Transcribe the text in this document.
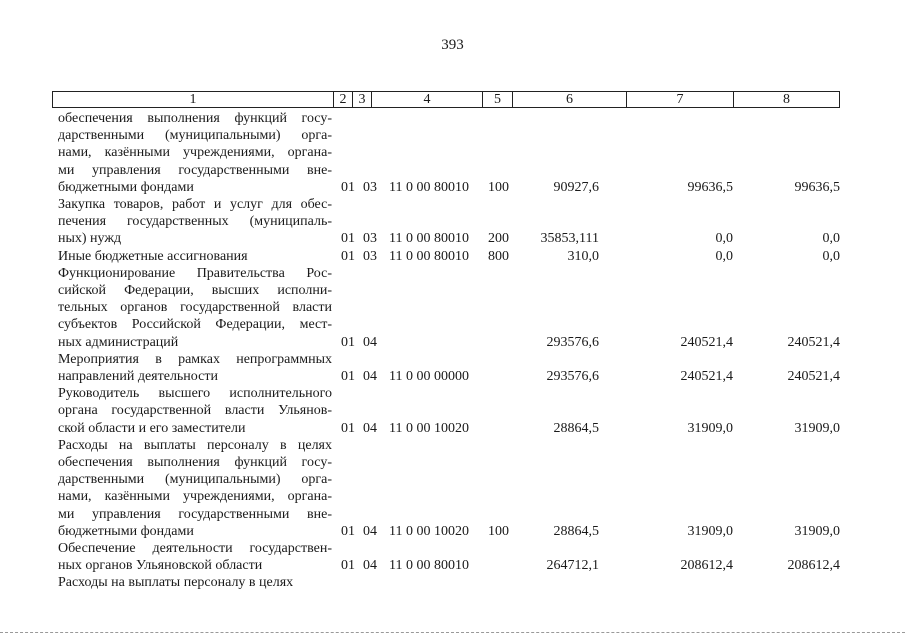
393
1	2 3	4	5	6	7	8
обеспечения выполнения функций госу-
дарственными (муниципальными) орга-
нами, казёнными учреждениями, органа-
ми управления государственными вне-
бюджетными фондами	01 03 11 0 00 80010 100	90927,6	99636,5	99636,5
Закупка товаров, работ и услуг для обес-
печения государственных (муниципаль-
ных) нужд	01 03 11 0 00 80010 200 35853,111	0,0	0,0
Иные бюджетные ассигнования	01 03 11 0 00 80010 800	310,0	0,0	0,0
Функционирование Правительства Рос-
сийской Федерации, высших исполни-
тельных органов государственной власти
субъектов Российской Федерации, мест-
ных администраций	01 04	293576,6	240521,4	240521,4
Мероприятия в рамках непрограммных
направлений деятельности	01 04 11 0 00 00000	293576,6	240521,4	240521,4
Руководитель высшего исполнительного
органа государственной власти Ульянов-
ской области и его заместители	01 04 11 0 00 10020	28864,5	31909,0	31909,0
Расходы на выплаты персоналу в целях
обеспечения выполнения функций госу-
дарственными (муниципальными) орга-
нами, казёнными учреждениями, органа-
ми управления государственными вне-
бюджетными фондами	01 04 11 0 00 10020 100	28864,5	31909,0	31909,0
Обеспечение деятельности государствен-
ных органов Ульяновской области	01 04 11 0 00 80010	264712,1	208612,4	208612,4
Расходы на выплаты персоналу в целях
